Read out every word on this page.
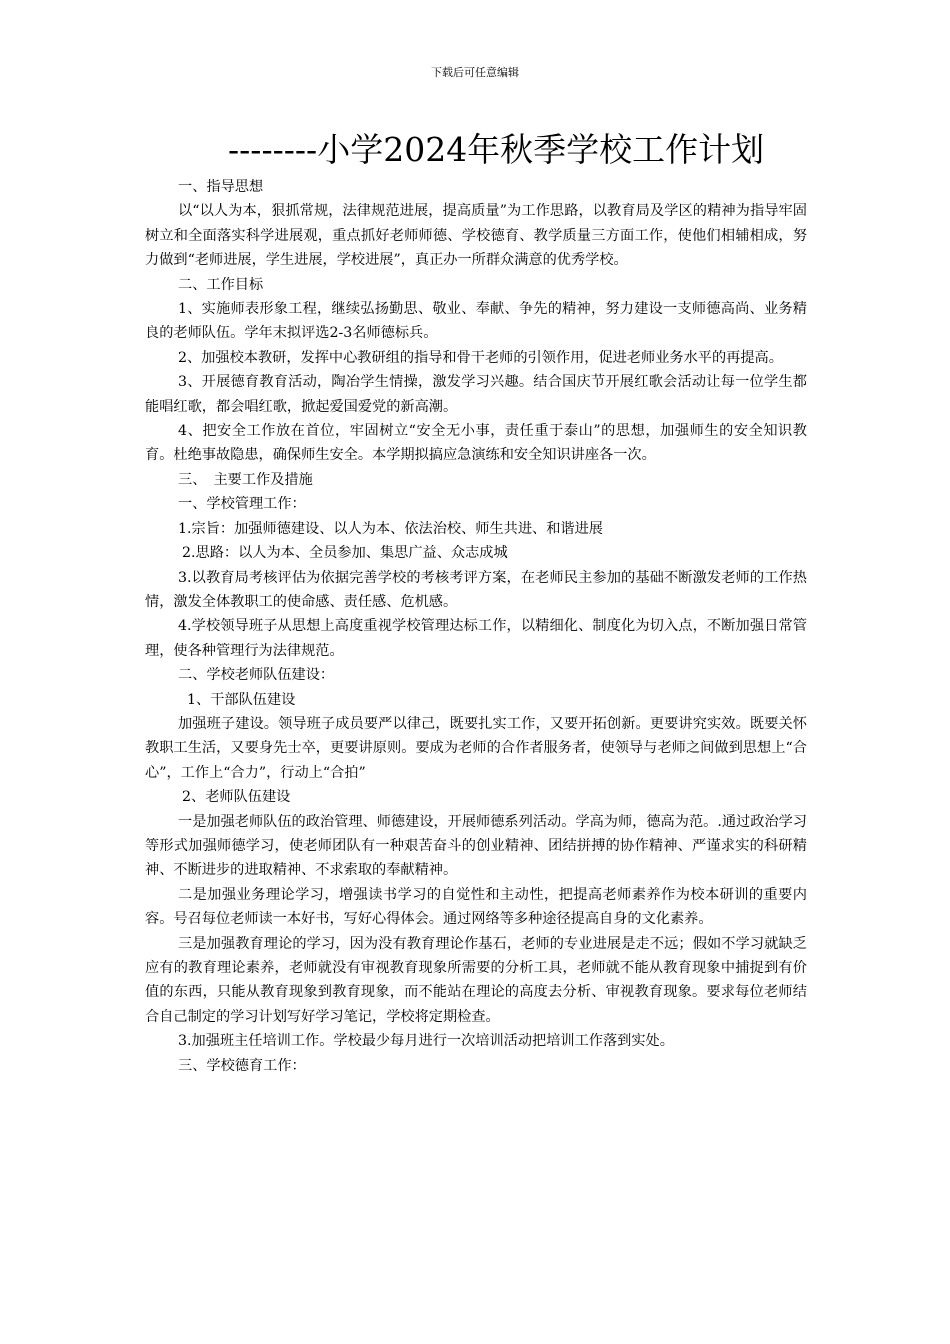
下载后可任意编辑
--------小学2024年秋季学校工作计划

一、指导思想

以“以人为本，狠抓常规，法律规范进展，提高质量”为工作思路，以教育局及学区的精神为指导牢固树立和全面落实科学进展观，重点抓好老师师德、学校德育、教学质量三方面工作，使他们相辅相成，努力做到“老师进展，学生进展，学校进展”，真正办一所群众满意的优秀学校。

二、工作目标

1、实施师表形象工程，继续弘扬勤思、敬业、奉献、争先的精神，努力建设一支师德高尚、业务精良的老师队伍。学年末拟评选2-3名师德标兵。

2、加强校本教研，发挥中心教研组的指导和骨干老师的引领作用，促进老师业务水平的再提高。

3、开展德育教育活动，陶冶学生情操，激发学习兴趣。结合国庆节开展红歌会活动让每一位学生都能唱红歌，都会唱红歌，掀起爱国爱党的新高潮。

4、把安全工作放在首位，牢固树立“安全无小事，责任重于泰山”的思想，加强师生的安全知识教育。杜绝事故隐患，确保师生安全。本学期拟搞应急演练和安全知识讲座各一次。

三、　主要工作及措施

一、学校管理工作：

1.宗旨：加强师德建设、以人为本、依法治校、师生共进、和谐进展

2.思路：以人为本、全员参加、集思广益、众志成城

3.以教育局考核评估为依据完善学校的考核考评方案，在老师民主参加的基础不断激发老师的工作热情，激发全体教职工的使命感、责任感、危机感。

4.学校领导班子从思想上高度重视学校管理达标工作，以精细化、制度化为切入点，不断加强日常管理，使各种管理行为法律规范。

二、学校老师队伍建设：

1、干部队伍建设

加强班子建设。领导班子成员要严以律己，既要扎实工作，又要开拓创新。更要讲究实效。既要关怀教职工生活，又要身先士卒，更要讲原则。要成为老师的合作者服务者，使领导与老师之间做到思想上“合心”，工作上“合力”，行动上“合拍”

2、老师队伍建设

一是加强老师队伍的政治管理、师德建设，开展师德系列活动。学高为师，德高为范。.通过政治学习等形式加强师德学习，使老师团队有一种艰苦奋斗的创业精神、团结拼搏的协作精神、严谨求实的科研精神、不断进步的进取精神、不求索取的奉献精神。

二是加强业务理论学习，增强读书学习的自觉性和主动性，把提高老师素养作为校本研训的重要内容。号召每位老师读一本好书，写好心得体会。通过网络等多种途径提高自身的文化素养。

三是加强教育理论的学习，因为没有教育理论作基石，老师的专业进展是走不远；假如不学习就缺乏应有的教育理论素养，老师就没有审视教育现象所需要的分析工具，老师就不能从教育现象中捕捉到有价值的东西，只能从教育现象到教育现象，而不能站在理论的高度去分析、审视教育现象。要求每位老师结合自己制定的学习计划写好学习笔记，学校将定期检查。

3.加强班主任培训工作。学校最少每月进行一次培训活动把培训工作落到实处。

三、学校德育工作：
